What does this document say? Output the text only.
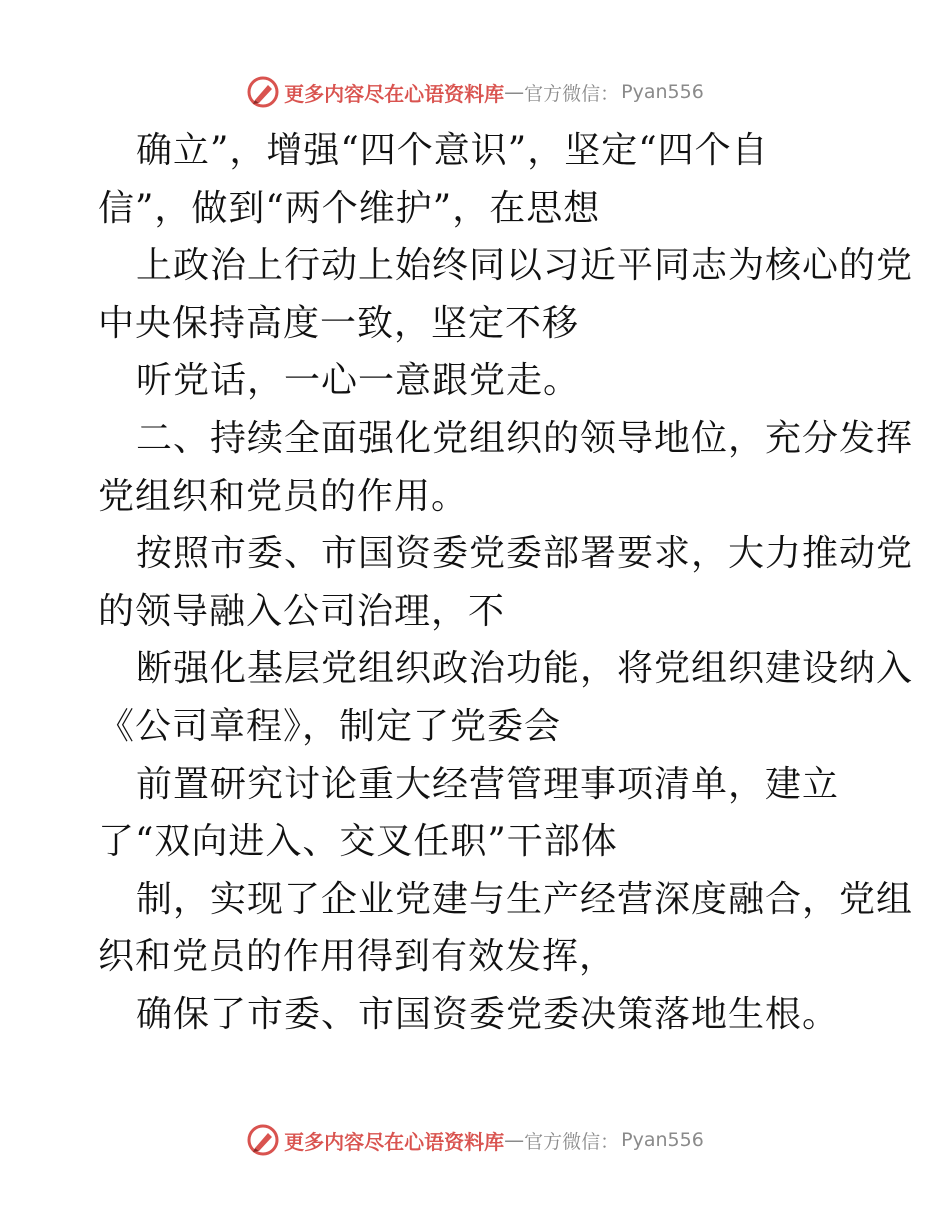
更多内容尽在心语资料库 — 官方微信： Pyan556
确立”，增强“四个意识”，坚定“四个自
信”，做到“两个维护”，在思想
上政治上行动上始终同以习近平同志为核心的党
中央保持高度一致，坚定不移
听党话，一心一意跟党走。
二、持续全面强化党组织的领导地位，充分发挥
党组织和党员的作用。
按照市委、市国资委党委部署要求，大力推动党
的领导融入公司治理，不
断强化基层党组织政治功能，将党组织建设纳入
《公司章程》，制定了党委会
前置研究讨论重大经营管理事项清单，建立
了“双向进入、交叉任职”干部体
制，实现了企业党建与生产经营深度融合，党组
织和党员的作用得到有效发挥，
确保了市委、市国资委党委决策落地生根。
更多内容尽在心语资料库 — 官方微信： Pyan556
